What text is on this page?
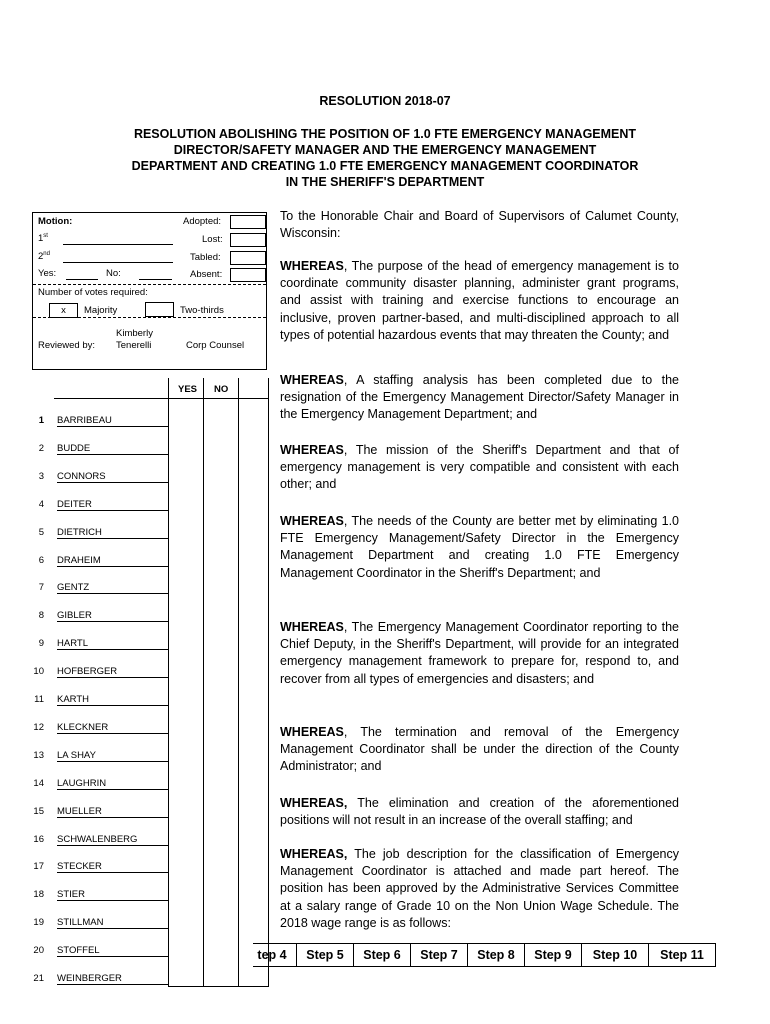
RESOLUTION 2018-07
RESOLUTION ABOLISHING THE POSITION OF 1.0 FTE EMERGENCY MANAGEMENT DIRECTOR/SAFETY MANAGER AND THE EMERGENCY MANAGEMENT DEPARTMENT AND CREATING 1.0 FTE EMERGENCY MANAGEMENT COORDINATOR IN THE SHERIFF'S DEPARTMENT
Motion:
1st
2nd
Yes:	No:
Adopted:
Lost:
Tabled:
Absent:
Number of votes required:
x	Majority	Two-thirds
Reviewed by:
Kimberly
Tenerelli	Corp Counsel
YES NO
1 BARRIBEAU
2 BUDDE
3 CONNORS
4 DEITER
5 DIETRICH
6 DRAHEIM
7 GENTZ
8 GIBLER
9 HARTL
10 HOFBERGER
11 KARTH
12 KLECKNER
13 LA SHAY
14 LAUGHRIN
15 MUELLER
16 SCHWALENBERG
17 STECKER
18 STIER
19 STILLMAN
20 STOFFEL
21 WEINBERGER
To the Honorable Chair and Board of Supervisors of Calumet County, Wisconsin:
WHEREAS, The purpose of the head of emergency management is to coordinate community disaster planning, administer grant programs, and assist with training and exercise functions to encourage an inclusive, proven partner-based, and multi-disciplined approach to all types of potential hazardous events that may threaten the County; and
WHEREAS, A staffing analysis has been completed due to the resignation of the Emergency Management Director/Safety Manager in the Emergency Management Department; and
WHEREAS, The mission of the Sheriff's Department and that of emergency management is very compatible and consistent with each other; and
WHEREAS, The needs of the County are better met by eliminating 1.0 FTE Emergency Management/Safety Director in the Emergency Management Department and creating 1.0 FTE Emergency Management Coordinator in the Sheriff's Department; and
WHEREAS, The Emergency Management Coordinator reporting to the Chief Deputy, in the Sheriff's Department, will provide for an integrated emergency management framework to prepare for, respond to, and recover from all types of emergencies and disasters; and
WHEREAS, The termination and removal of the Emergency Management Coordinator shall be under the direction of the County Administrator; and
WHEREAS, The elimination and creation of the aforementioned positions will not result in an increase of the overall staffing; and
WHEREAS, The job description for the classification of Emergency Management Coordinator is attached and made part hereof. The position has been approved by the Administrative Services Committee at a salary range of Grade 10 on the Non Union Wage Schedule. The 2018 wage range is as follows:
tep 4	Step 5	Step 6	Step 7	Step 8	Step 9	Step 10	Step 11
